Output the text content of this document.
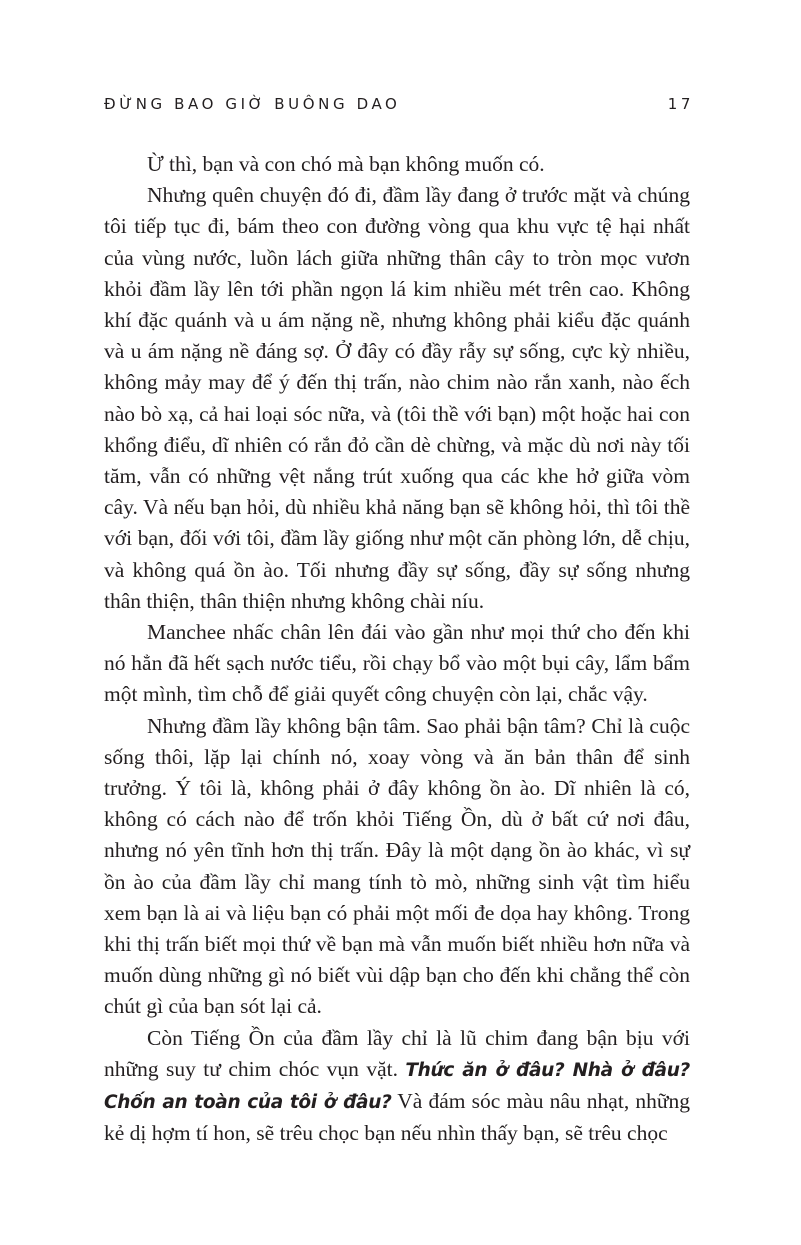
ĐỪNG BAO GIỜ BUÔNG DAO	17

Ừ thì, bạn và con chó mà bạn không muốn có.

Nhưng quên chuyện đó đi, đầm lầy đang ở trước mặt và chúng tôi tiếp tục đi, bám theo con đường vòng qua khu vực tệ hại nhất của vùng nước, luồn lách giữa những thân cây to tròn mọc vươn khỏi đầm lầy lên tới phần ngọn lá kim nhiều mét trên cao. Không khí đặc quánh và u ám nặng nề, nhưng không phải kiểu đặc quánh và u ám nặng nề đáng sợ. Ở đây có đầy rẫy sự sống, cực kỳ nhiều, không mảy may để ý đến thị trấn, nào chim nào rắn xanh, nào ếch nào bò xạ, cả hai loại sóc nữa, và (tôi thề với bạn) một hoặc hai con khổng điểu, dĩ nhiên có rắn đỏ cần dè chừng, và mặc dù nơi này tối tăm, vẫn có những vệt nắng trút xuống qua các khe hở giữa vòm cây. Và nếu bạn hỏi, dù nhiều khả năng bạn sẽ không hỏi, thì tôi thề với bạn, đối với tôi, đầm lầy giống như một căn phòng lớn, dễ chịu, và không quá ồn ào. Tối nhưng đầy sự sống, đầy sự sống nhưng thân thiện, thân thiện nhưng không chài níu.

Manchee nhấc chân lên đái vào gần như mọi thứ cho đến khi nó hẳn đã hết sạch nước tiểu, rồi chạy bổ vào một bụi cây, lẩm bẩm một mình, tìm chỗ để giải quyết công chuyện còn lại, chắc vậy.

Nhưng đầm lầy không bận tâm. Sao phải bận tâm? Chỉ là cuộc sống thôi, lặp lại chính nó, xoay vòng và ăn bản thân để sinh trưởng. Ý tôi là, không phải ở đây không ồn ào. Dĩ nhiên là có, không có cách nào để trốn khỏi Tiếng Ồn, dù ở bất cứ nơi đâu, nhưng nó yên tĩnh hơn thị trấn. Đây là một dạng ồn ào khác, vì sự ồn ào của đầm lầy chỉ mang tính tò mò, những sinh vật tìm hiểu xem bạn là ai và liệu bạn có phải một mối đe dọa hay không. Trong khi thị trấn biết mọi thứ về bạn mà vẫn muốn biết nhiều hơn nữa và muốn dùng những gì nó biết vùi dập bạn cho đến khi chẳng thể còn chút gì của bạn sót lại cả.

Còn Tiếng Ồn của đầm lầy chỉ là lũ chim đang bận bịu với những suy tư chim chóc vụn vặt. Thức ăn ở đâu? Nhà ở đâu? Chốn an toàn của tôi ở đâu? Và đám sóc màu nâu nhạt, những kẻ dị hợm tí hon, sẽ trêu chọc bạn nếu nhìn thấy bạn, sẽ trêu chọc
